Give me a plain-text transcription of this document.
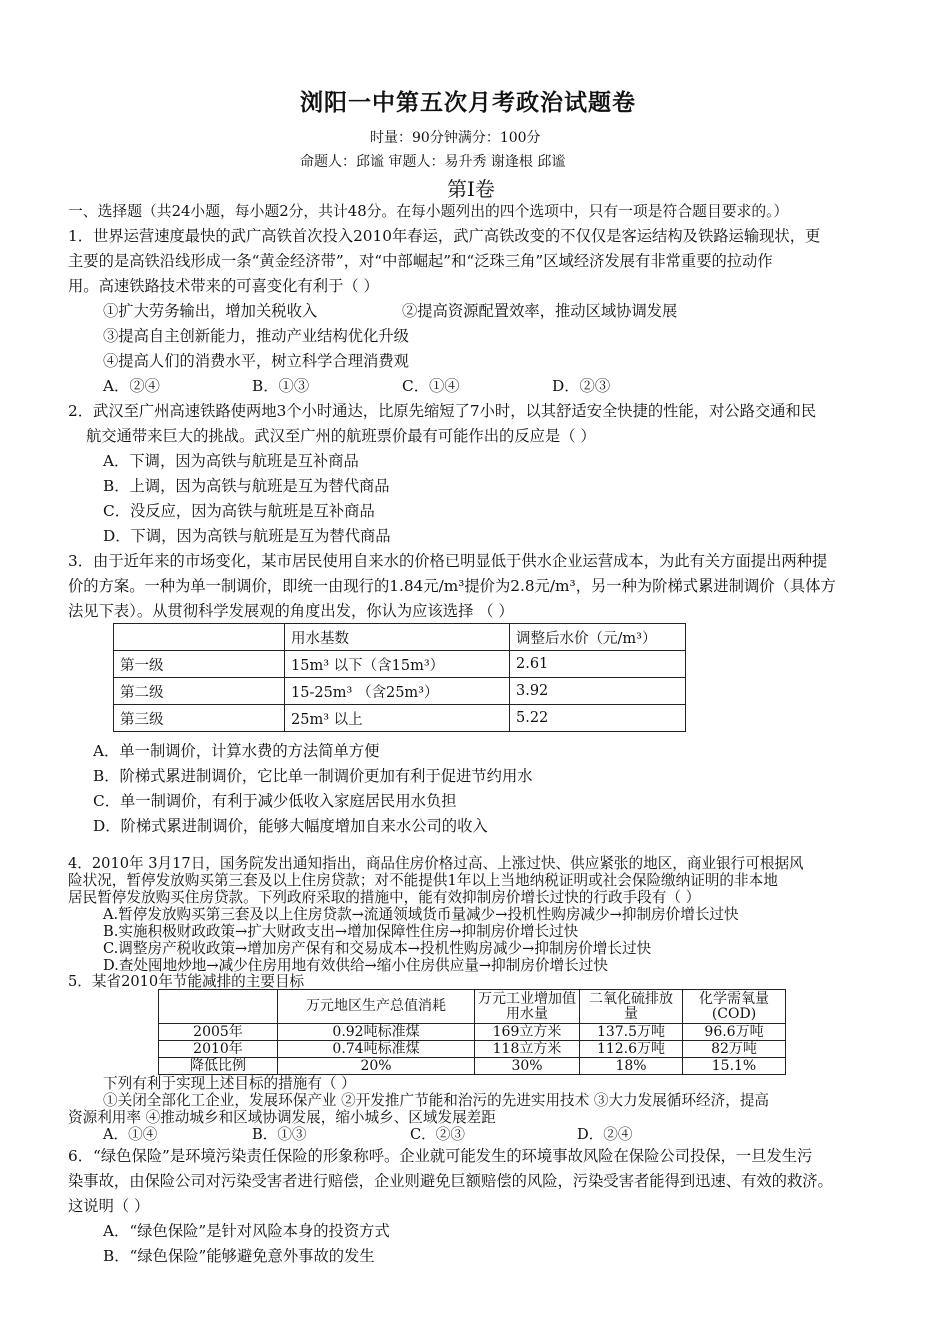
浏阳一中第五次月考政治试题卷
时量：90分钟满分：100分
命题人：邱谧 审题人：易升秀 谢逢根 邱谧
第Ⅰ卷
一、选择题（共24小题，每小题2分，共计48分。在每小题列出的四个选项中，只有一项是符合题目要求的。）
1．世界运营速度最快的武广高铁首次投入2010年春运，武广高铁改变的不仅仅是客运结构及铁路运输现状，更
主要的是高铁沿线形成一条“黄金经济带”，对“中部崛起”和“泛珠三角”区域经济发展有非常重要的拉动作
用。高速铁路技术带来的可喜变化有利于（ ）
①扩大劳务输出，增加关税收入	②提高资源配置效率，推动区域协调发展
③提高自主创新能力，推动产业结构优化升级
④提高人们的消费水平，树立科学合理消费观
A．②④	B．①③	C．①④	D．②③
2．武汉至广州高速铁路使两地3个小时通达，比原先缩短了7小时，以其舒适安全快捷的性能，对公路交通和民
航交通带来巨大的挑战。武汉至广州的航班票价最有可能作出的反应是（ ）
A．下调，因为高铁与航班是互补商品
B．上调，因为高铁与航班是互为替代商品
C．没反应，因为高铁与航班是互补商品
D．下调，因为高铁与航班是互为替代商品
3．由于近年来的市场变化，某市居民使用自来水的价格已明显低于供水企业运营成本，为此有关方面提出两种提
价的方案。一种为单一制调价，即统一由现行的1.84元/m³提价为2.8元/m³，另一种为阶梯式累进制调价（具体方
法见下表）。从贯彻科学发展观的角度出发，你认为应该选择 （ ）
	用水基数	调整后水价（元/m³）
第一级	15m³ 以下（含15m³）	2.61
第二级	15-25m³ （含25m³）	3.92
第三级	25m³ 以上	5.22
A．单一制调价，计算水费的方法简单方便
B．阶梯式累进制调价，它比单一制调价更加有利于促进节约用水
C．单一制调价，有利于减少低收入家庭居民用水负担
D．阶梯式累进制调价，能够大幅度增加自来水公司的收入
4．2010年 3月17日，国务院发出通知指出，商品住房价格过高、上涨过快、供应紧张的地区，商业银行可根据风
险状况，暂停发放购买第三套及以上住房贷款；对不能提供1年以上当地纳税证明或社会保险缴纳证明的非本地
居民暂停发放购买住房贷款。下列政府采取的措施中，能有效抑制房价增长过快的行政手段有（ ）
A.暂停发放购买第三套及以上住房贷款→流通领域货币量减少→投机性购房减少→抑制房价增长过快
B.实施积极财政政策→扩大财政支出→增加保障性住房→抑制房价增长过快
C.调整房产税收政策→增加房产保有和交易成本→投机性购房减少→抑制房价增长过快
D.查处囤地炒地→减少住房用地有效供给→缩小住房供应量→抑制房价增长过快
5．某省2010年节能减排的主要目标
	万元地区生产总值消耗	万元工业增加值用水量	二氧化硫排放量	化学需氧量(COD)
2005年	0.92吨标准煤	169立方米	137.5万吨	96.6万吨
2010年	0.74吨标准煤	118立方米	112.6万吨	82万吨
降低比例	20%	30%	18%	15.1%
下列有利于实现上述目标的措施有（ ）
①关闭全部化工企业，发展环保产业 ②开发推广节能和治污的先进实用技术 ③大力发展循环经济，提高
资源利用率 ④推动城乡和区域协调发展，缩小城乡、区域发展差距
A．①④	B．①③	C．②③	D．②④
6．“绿色保险”是环境污染责任保险的形象称呼。企业就可能发生的环境事故风险在保险公司投保，一旦发生污
染事故，由保险公司对污染受害者进行赔偿，企业则避免巨额赔偿的风险，污染受害者能得到迅速、有效的救济。
这说明（ ）
A．“绿色保险”是针对风险本身的投资方式
B．“绿色保险”能够避免意外事故的发生
